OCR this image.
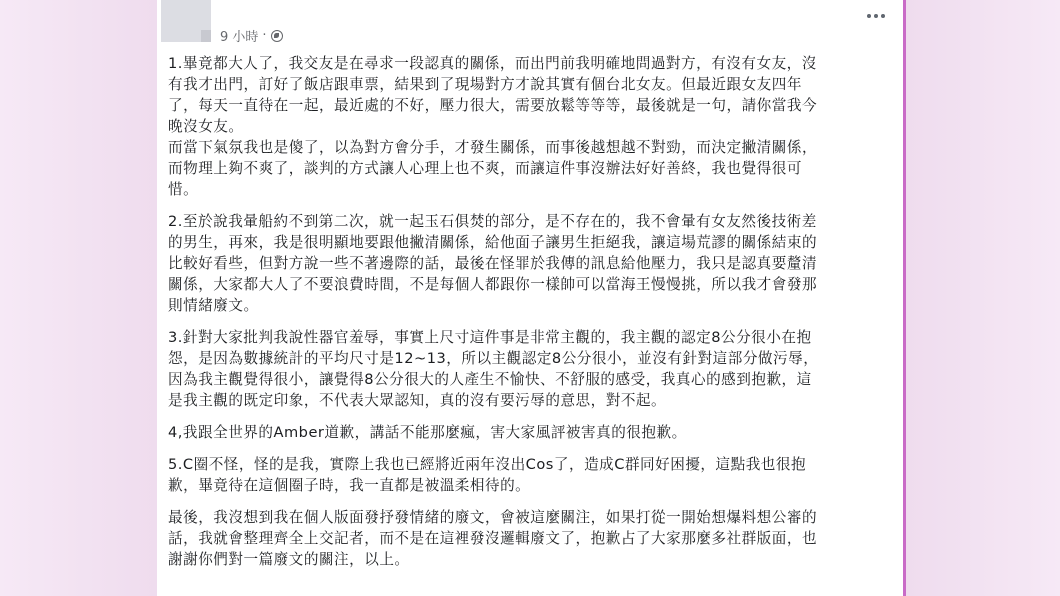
9 小時 ·

1.畢竟都大人了，我交友是在尋求一段認真的關係，而出門前我明確地問過對方，有沒有女友，沒
有我才出門，訂好了飯店跟車票，結果到了現場對方才說其實有個台北女友。但最近跟女友四年
了，每天一直待在一起，最近處的不好，壓力很大，需要放鬆等等等，最後就是一句，請你當我今
晚沒女友。
而當下氣氛我也是傻了，以為對方會分手，才發生關係，而事後越想越不對勁，而決定撇清關係，
而物理上夠不爽了，談判的方式讓人心理上也不爽，而讓這件事沒辦法好好善終，我也覺得很可
惜。

2.至於說我暈船約不到第二次，就一起玉石俱焚的部分，是不存在的，我不會暈有女友然後技術差
的男生，再來，我是很明顯地要跟他撇清關係，給他面子讓男生拒絕我，讓這場荒謬的關係結束的
比較好看些，但對方說一些不著邊際的話，最後在怪罪於我傳的訊息給他壓力，我只是認真要釐清
關係，大家都大人了不要浪費時間，不是每個人都跟你一樣帥可以當海王慢慢挑，所以我才會發那
則情緒廢文。

3.針對大家批判我說性器官羞辱，事實上尺寸這件事是非常主觀的，我主觀的認定8公分很小在抱
怨，是因為數據統計的平均尺寸是12~13，所以主觀認定8公分很小，並沒有針對這部分做污辱，
因為我主觀覺得很小，讓覺得8公分很大的人產生不愉快、不舒服的感受，我真心的感到抱歉，這
是我主觀的既定印象，不代表大眾認知，真的沒有要污辱的意思，對不起。

4,我跟全世界的Amber道歉，講話不能那麼瘋，害大家風評被害真的很抱歉。

5.C圈不怪，怪的是我，實際上我也已經將近兩年沒出Cos了，造成C群同好困擾，這點我也很抱
歉，畢竟待在這個圈子時，我一直都是被溫柔相待的。

最後，我沒想到我在個人版面發抒發情緒的廢文，會被這麼關注，如果打從一開始想爆料想公審的
話，我就會整理齊全上交記者，而不是在這裡發沒邏輯廢文了，抱歉占了大家那麼多社群版面，也
謝謝你們對一篇廢文的關注，以上。
